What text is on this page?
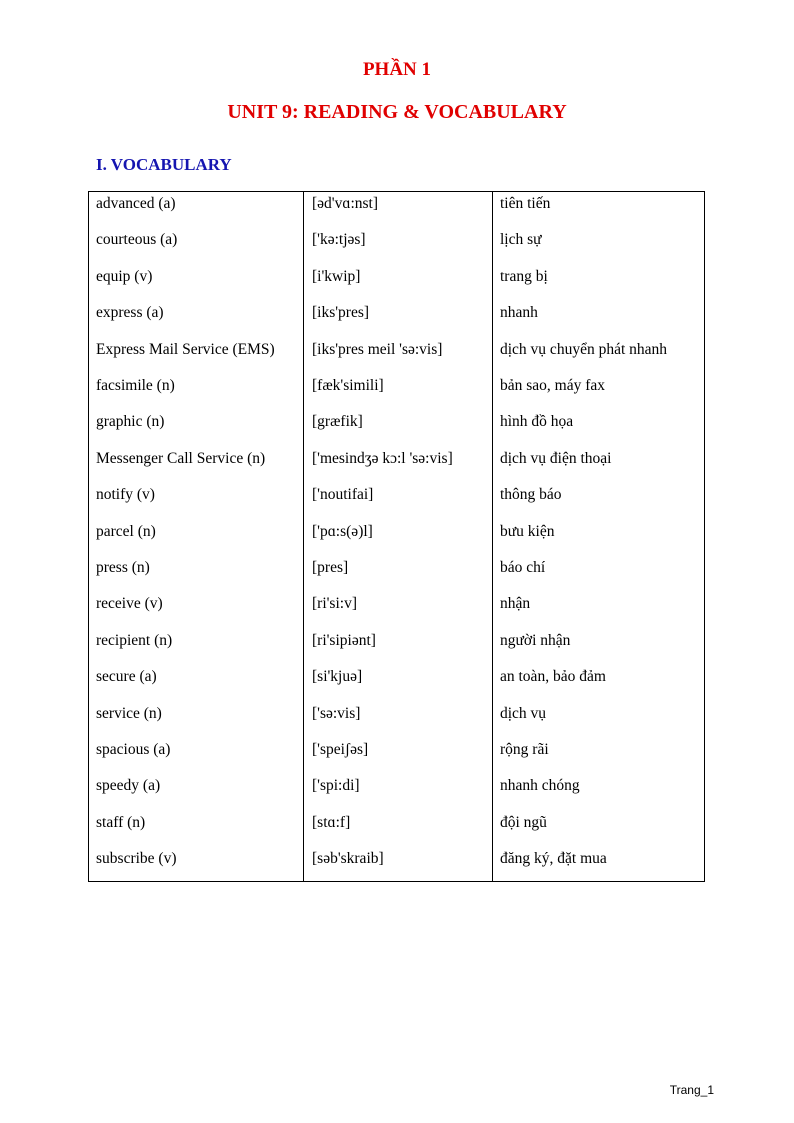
PHẦN 1
UNIT 9: READING & VOCABULARY
I. VOCABULARY
advanced (a)
courteous (a)
equip (v)
express (a)
Express Mail Service (EMS)
facsimile (n)
graphic (n)
Messenger Call Service (n)
notify (v)
parcel (n)
press (n)
receive (v)
recipient (n)
secure (a)
service (n)
spacious (a)
speedy (a)
staff (n)
subscribe (v)
[əd'vɑ:nst]
['kə:tjəs]
[i'kwip]
[iks'pres]
[iks'pres meil 'sə:vis]
[fæk'simili]
[græfik]
['mesindʒə kɔ:l 'sə:vis]
['noutifai]
['pɑ:s(ə)l]
[pres]
[ri'si:v]
[ri'sipiənt]
[si'kjuə]
['sə:vis]
['speiʃəs]
['spi:di]
[stɑ:f]
[səb'skraib]
tiên tiến
lịch sự
trang bị
nhanh
dịch vụ chuyển phát nhanh
bản sao, máy fax
hình đồ họa
dịch vụ điện thoại
thông báo
bưu kiện
báo chí
nhận
người nhận
an toàn, bảo đảm
dịch vụ
rộng rãi
nhanh chóng
đội ngũ
đăng ký, đặt mua
Trang_1
